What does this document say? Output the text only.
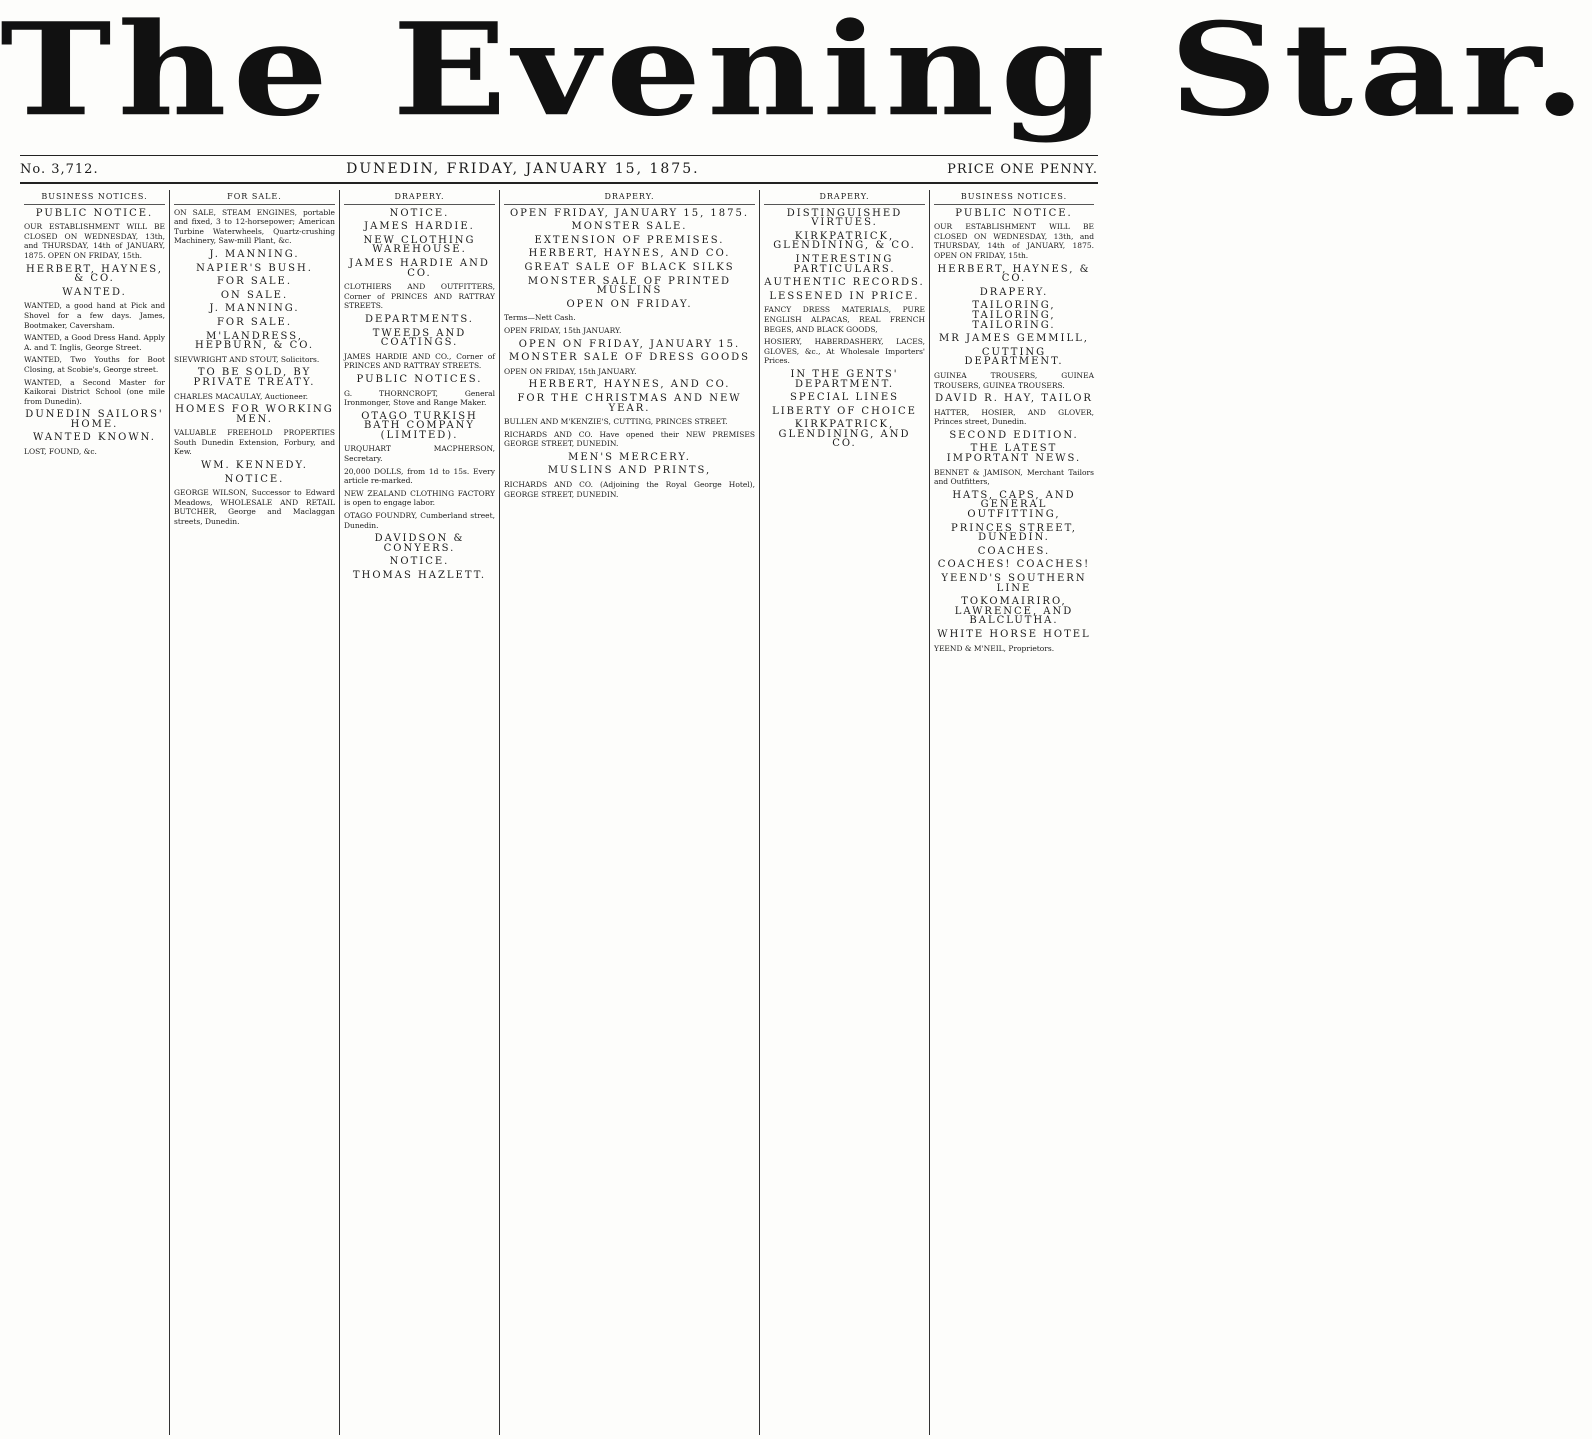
The Evening Star.
No. 3,712.	DUNEDIN, FRIDAY, JANUARY 15, 1875.	PRICE ONE PENNY.
BUSINESS NOTICES.

PUBLIC NOTICE.

OUR ESTABLISHMENT WILL BE CLOSED ON WEDNESDAY, 13th, and THURSDAY, 14th of JANUARY, 1875. OPEN ON FRIDAY, 15th.

HERBERT, HAYNES, & CO.

WANTED.

WANTED, a good hand at Pick and Shovel for a few days. James, Bootmaker, Caversham.

WANTED, a Good Dress Hand. Apply A. and T. Inglis, George Street.

WANTED, Two Youths for Boot Closing, at Scobie's, George street.

WANTED, a Second Master for Kaikorai District School (one mile from Dunedin).

DUNEDIN SAILORS' HOME.

WANTED KNOWN.

LOST, FOUND, &c.

FOR SALE.

ON SALE, STEAM ENGINES, portable and fixed, 3 to 12-horsepower; American Turbine Waterwheels, Quartz-crushing Machinery, Saw-mill Plant, &c.

J. MANNING.

NAPIER'S BUSH.

FOR SALE.

ON SALE.

J. MANNING.

FOR SALE.

M'LANDRESS, HEPBURN, & CO.

SIEVWRIGHT AND STOUT, Solicitors.

TO BE SOLD, BY PRIVATE TREATY.

CHARLES MACAULAY, Auctioneer.

HOMES FOR WORKING MEN.

VALUABLE FREEHOLD PROPERTIES South Dunedin Extension, Forbury, and Kew.

WM. KENNEDY.

NOTICE.

GEORGE WILSON, Successor to Edward Meadows, WHOLESALE AND RETAIL BUTCHER, George and Maclaggan streets, Dunedin.

DRAPERY.

NOTICE.

JAMES HARDIE.

NEW CLOTHING WAREHOUSE.

JAMES HARDIE AND CO.

CLOTHIERS AND OUTFITTERS, Corner of PRINCES AND RATTRAY STREETS.

DEPARTMENTS.

TWEEDS AND COATINGS.

JAMES HARDIE AND CO., Corner of PRINCES AND RATTRAY STREETS.

PUBLIC NOTICES.

G. THORNCROFT, General Ironmonger, Stove and Range Maker.

OTAGO TURKISH BATH COMPANY (LIMITED).

URQUHART MACPHERSON, Secretary.

20,000 DOLLS, from 1d to 15s. Every article re-marked.

NEW ZEALAND CLOTHING FACTORY is open to engage labor.

OTAGO FOUNDRY, Cumberland street, Dunedin.

DAVIDSON & CONYERS.

NOTICE.

THOMAS HAZLETT.

DRAPERY.

OPEN FRIDAY, JANUARY 15, 1875.

MONSTER SALE.

EXTENSION OF PREMISES.

HERBERT, HAYNES, AND CO.

GREAT SALE OF BLACK SILKS

MONSTER SALE OF PRINTED MUSLINS

OPEN ON FRIDAY.

Terms—Nett Cash.

OPEN FRIDAY, 15th JANUARY.

OPEN ON FRIDAY, JANUARY 15.

MONSTER SALE OF DRESS GOODS

OPEN ON FRIDAY, 15th JANUARY.

HERBERT, HAYNES, AND CO.

FOR THE CHRISTMAS AND NEW YEAR.

BULLEN AND M'KENZIE'S, CUTTING, PRINCES STREET.

RICHARDS AND CO. Have opened their NEW PREMISES GEORGE STREET, DUNEDIN.

MEN'S MERCERY.

MUSLINS AND PRINTS,

RICHARDS AND CO. (Adjoining the Royal George Hotel), GEORGE STREET, DUNEDIN.

DRAPERY.

DISTINGUISHED VIRTUES.

KIRKPATRICK, GLENDINING, & CO.

INTERESTING PARTICULARS.

AUTHENTIC RECORDS.

LESSENED IN PRICE.

FANCY DRESS MATERIALS, PURE ENGLISH ALPACAS, REAL FRENCH BEGES, AND BLACK GOODS,

HOSIERY, HABERDASHERY, LACES, GLOVES, &c., At Wholesale Importers' Prices.

IN THE GENTS' DEPARTMENT.

SPECIAL LINES

LIBERTY OF CHOICE

KIRKPATRICK, GLENDINING, AND CO.

BUSINESS NOTICES.

PUBLIC NOTICE.

OUR ESTABLISHMENT WILL BE CLOSED ON WEDNESDAY, 13th, and THURSDAY, 14th of JANUARY, 1875. OPEN ON FRIDAY, 15th.

HERBERT, HAYNES, & CO.

DRAPERY.

TAILORING, TAILORING, TAILORING.

MR JAMES GEMMILL,

CUTTING DEPARTMENT.

GUINEA TROUSERS, GUINEA TROUSERS, GUINEA TROUSERS.

DAVID R. HAY, TAILOR

HATTER, HOSIER, AND GLOVER, Princes street, Dunedin.

SECOND EDITION.

THE LATEST IMPORTANT NEWS.

BENNET & JAMISON, Merchant Tailors and Outfitters,

HATS, CAPS, AND GENERAL OUTFITTING,

PRINCES STREET, DUNEDIN.

COACHES.

COACHES! COACHES!

YEEND'S SOUTHERN LINE

TOKOMAIRIRO, LAWRENCE, AND BALCLUTHA.

WHITE HORSE HOTEL

YEEND & M'NEIL, Proprietors.
